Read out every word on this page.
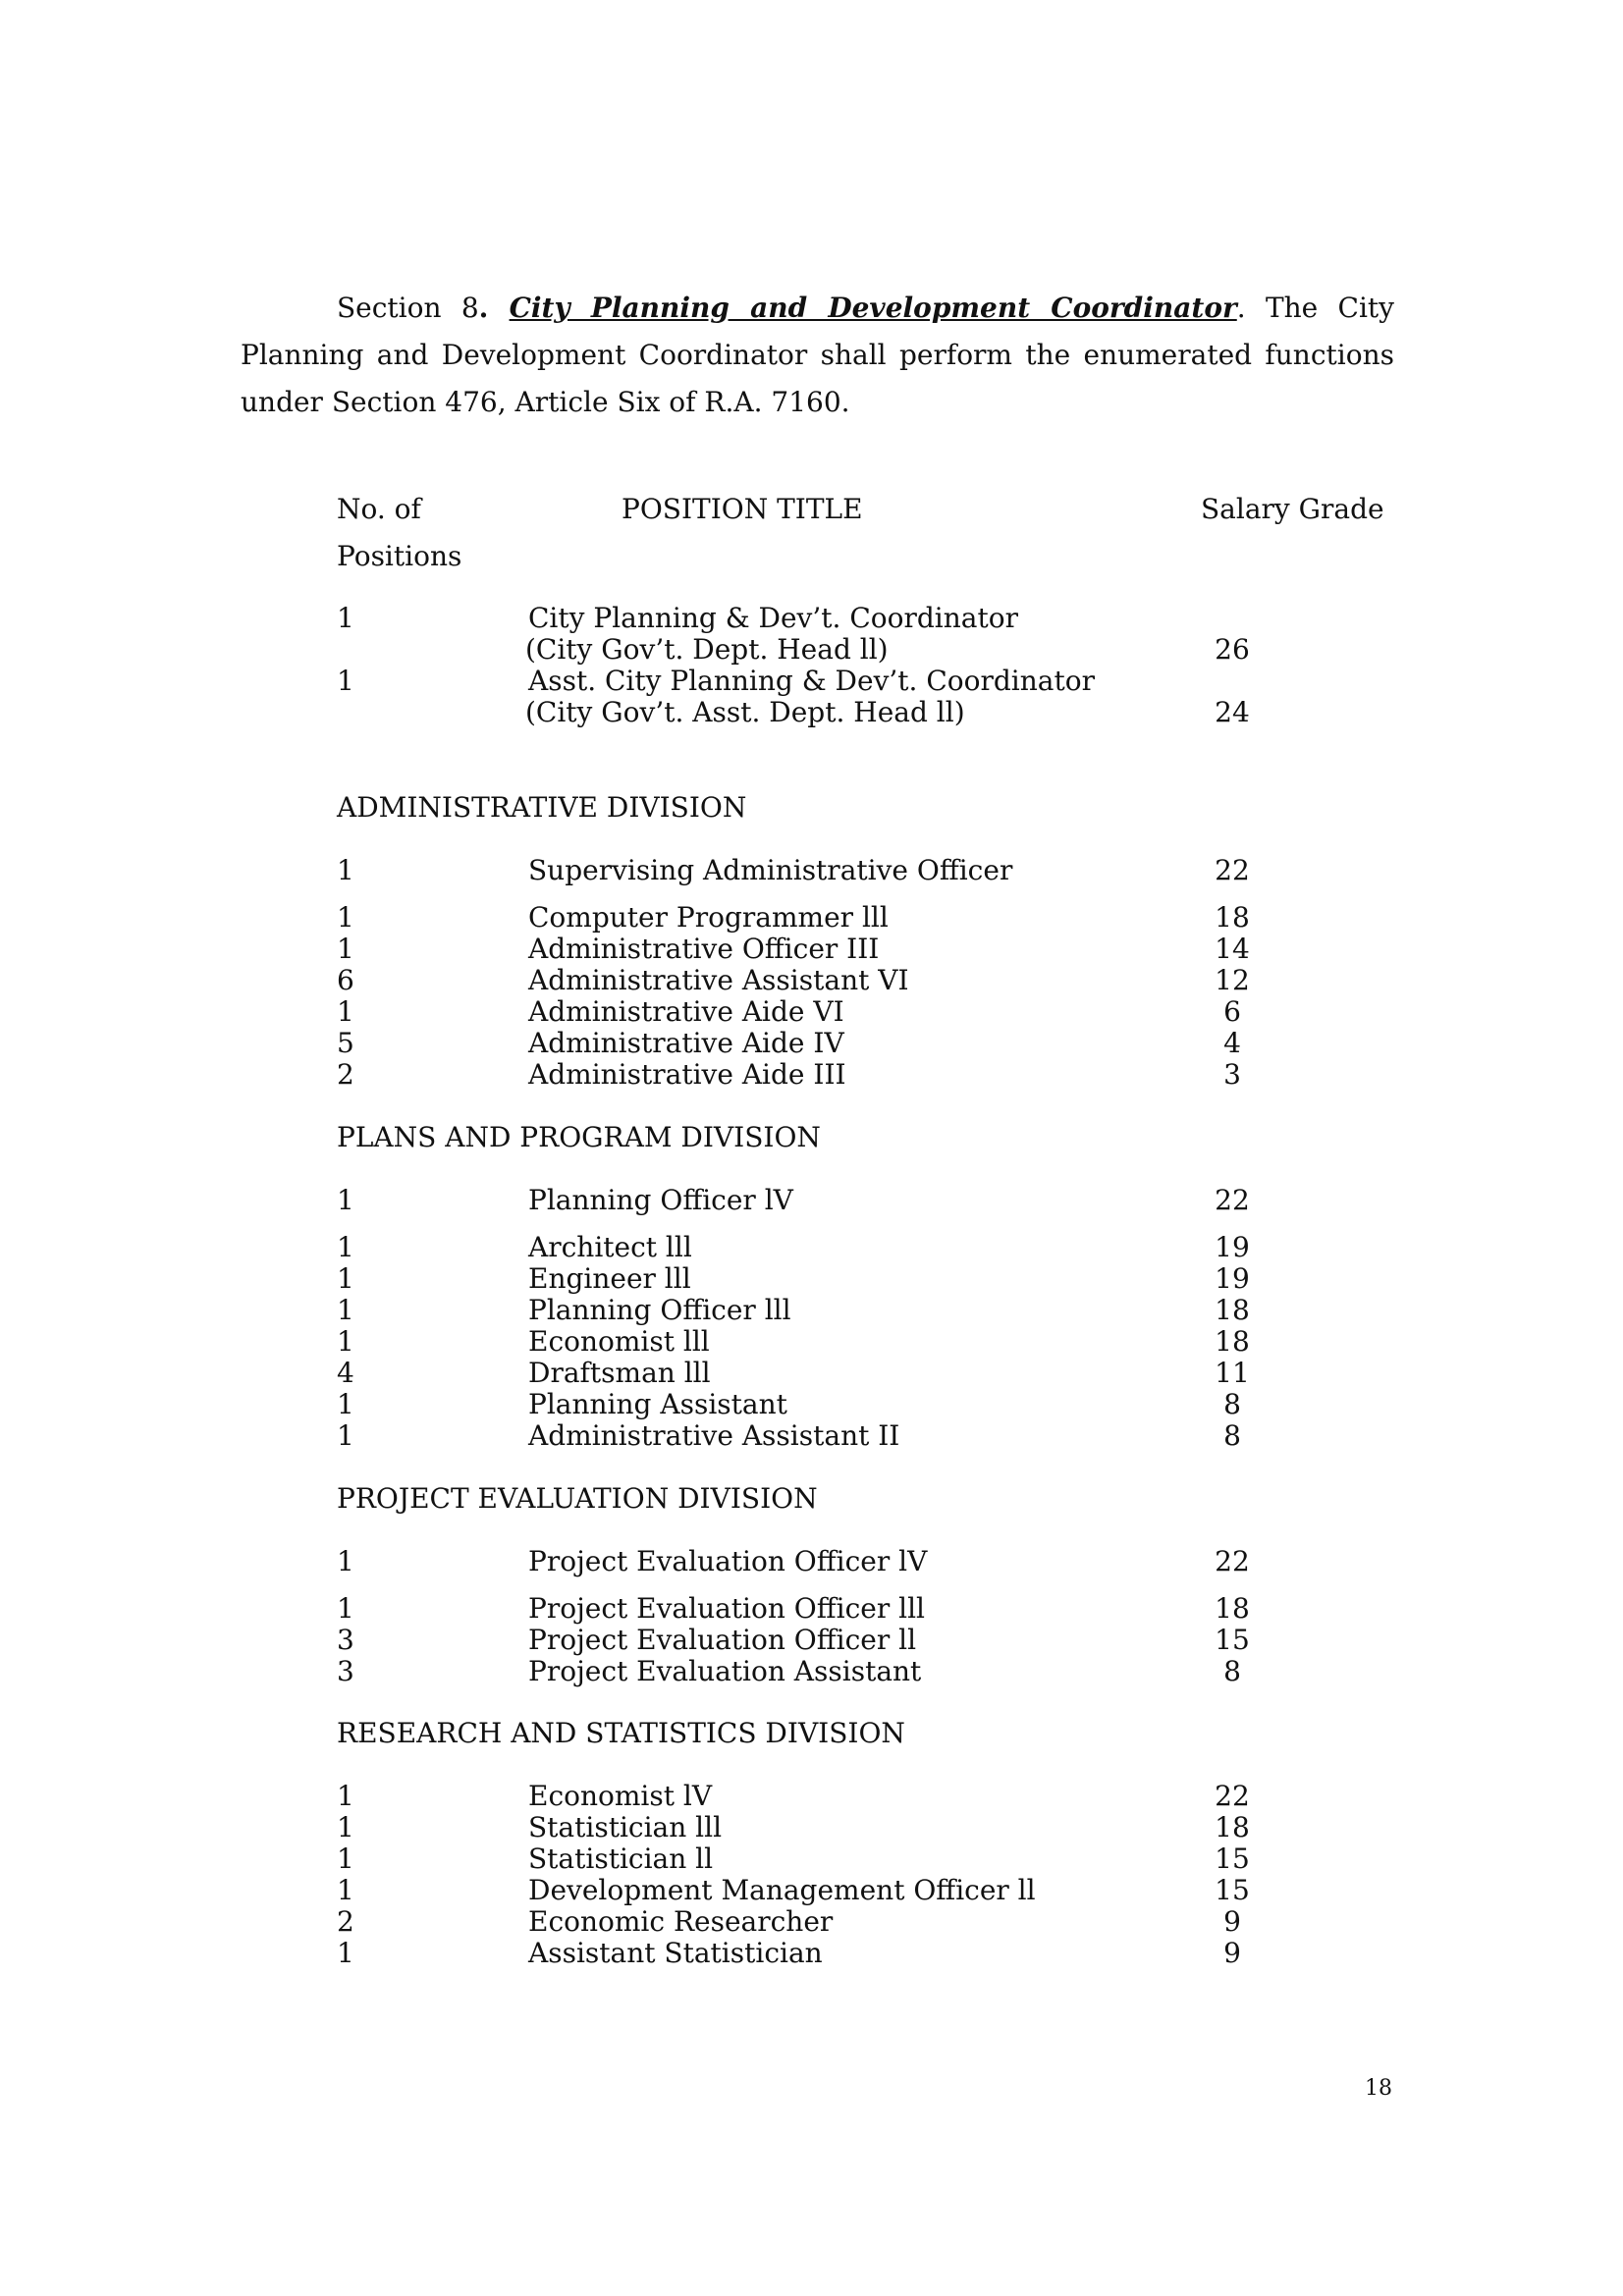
Section 8. City Planning and Development Coordinator. The City Planning and Development Coordinator shall perform the enumerated functions under Section 476, Article Six of R.A. 7160.

No. of	POSITION TITLE	Salary Grade
Positions
1	City Planning & Dev’t. Coordinator
(City Gov’t. Dept. Head ll)	26
1	Asst. City Planning & Dev’t. Coordinator
(City Gov’t. Asst. Dept. Head ll)	24
ADMINISTRATIVE DIVISION
1	Supervising Administrative Officer	22
1	Computer Programmer lll	18
1	Administrative Officer III	14
6	Administrative Assistant VI	12
1	Administrative Aide VI	6
5	Administrative Aide IV	4
2	Administrative Aide III	3
PLANS AND PROGRAM DIVISION
1	Planning Officer lV	22
1	Architect lll	19
1	Engineer lll	19
1	Planning Officer lll	18
1	Economist lll	18
4	Draftsman lll	11
1	Planning Assistant	8
1	Administrative Assistant II	8
PROJECT EVALUATION DIVISION
1	Project Evaluation Officer lV	22
1	Project Evaluation Officer lll	18
3	Project Evaluation Officer ll	15
3	Project Evaluation Assistant	8
RESEARCH AND STATISTICS DIVISION
1	Economist lV	22
1	Statistician lll	18
1	Statistician ll	15
1	Development Management Officer ll	15
2	Economic Researcher	9
1	Assistant Statistician	9
18
